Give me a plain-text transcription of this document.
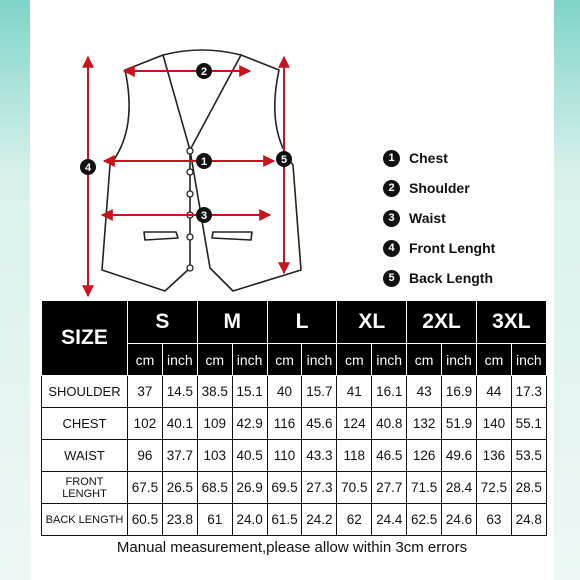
2
1
3
4
5	1	Chest
2	Shoulder
3	Waist
4	Front Lenght
5	Back Length
SIZE	S		M		L		XL		2XL		3XL	
	cm	inch	cm	inch	cm	inch	cm	inch	cm	inch	cm	inch
SHOULDER	37	14.5	38.5	15.1	40	15.7	41	16.1	43	16.9	44	17.3
CHEST	102	40.1	109	42.9	116	45.6	124	40.8	132	51.9	140	55.1
WAIST	96	37.7	103	40.5	110	43.3	118	46.5	126	49.6	136	53.5
FRONT LENGHT	67.5	26.5	68.5	26.9	69.5	27.3	70.5	27.7	71.5	28.4	72.5	28.5
BACK LENGTH	60.5	23.8	61	24.0	61.5	24.2	62	24.4	62.5	24.6	63	24.8
Manual measurement,please allow within 3cm errors
